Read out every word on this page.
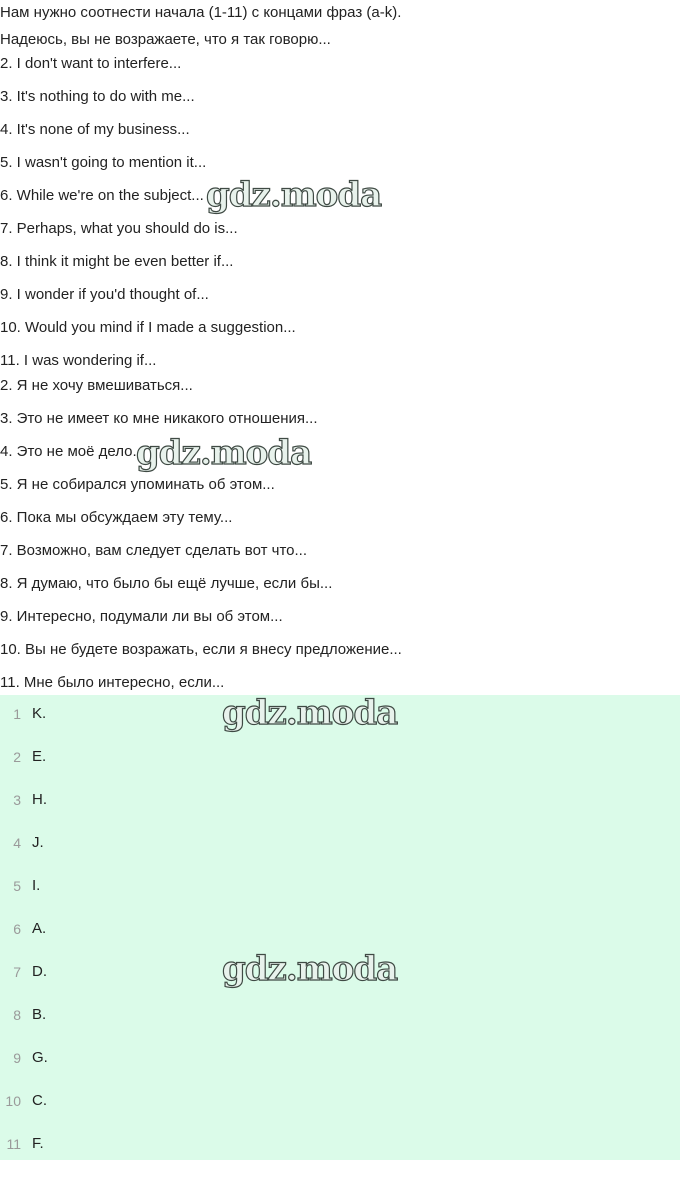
Нам нужно соотнести начала (1-11) с концами фраз (a-k).

Надеюсь, вы не возражаете, что я так говорю...

2. I don't want to interfere...

3. It's nothing to do with me...

4. It's none of my business...

5. I wasn't going to mention it...

6. While we're on the subject...

7. Perhaps, what you should do is...

8. I think it might be even better if...

9. I wonder if you'd thought of...

10. Would you mind if I made a suggestion...

11. I was wondering if...

2. Я не хочу вмешиваться...

3. Это не имеет ко мне никакого отношения...

4. Это не моё дело...

5. Я не собирался упоминать об этом...

6. Пока мы обсуждаем эту тему...

7. Возможно, вам следует сделать вот что...

8. Я думаю, что было бы ещё лучше, если бы...

9. Интересно, подумали ли вы об этом...

10. Вы не будете возражать, если я внесу предложение...

11. Мне было интересно, если...

1 K.
2 E.
3 H.
4 J.
5 I.
6 A.
7 D.
8 B.
9 G.
10 C.
11 F.
gdz.moda
gdz.moda
gdz.moda
gdz.moda
